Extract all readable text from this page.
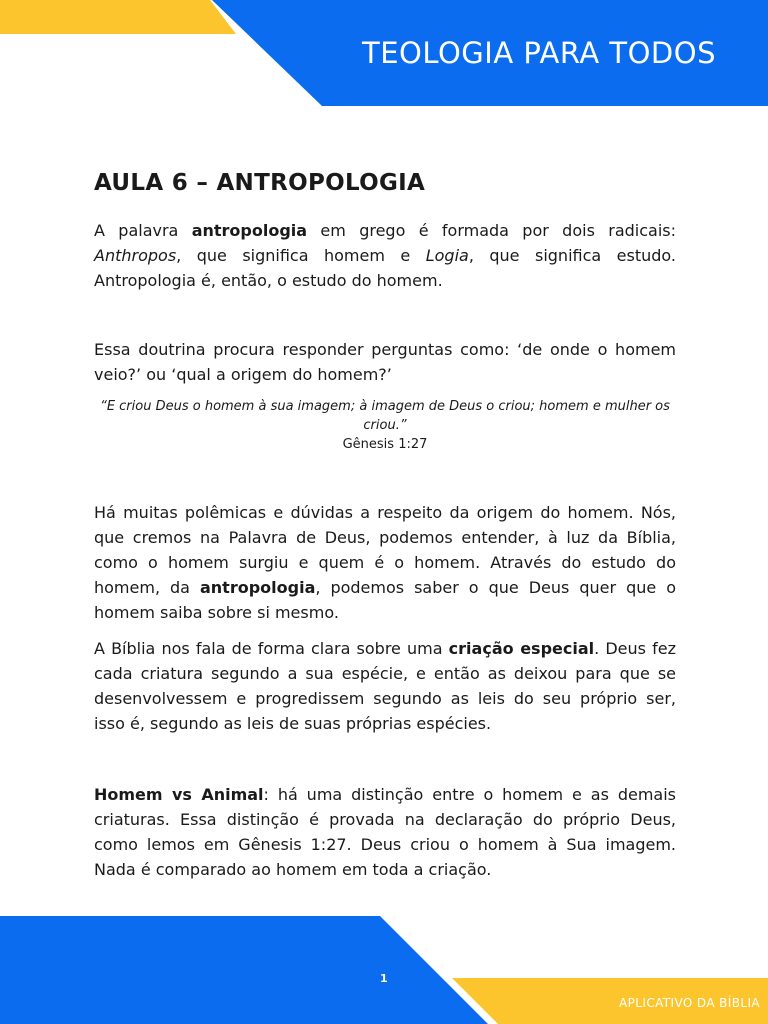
TEOLOGIA PARA TODOS
AULA 6 – ANTROPOLOGIA

A palavra antropologia em grego é formada por dois radicais: Anthropos, que significa homem e Logia, que significa estudo. Antropologia é, então, o estudo do homem.

Essa doutrina procura responder perguntas como: ‘de onde o homem veio?’ ou ‘qual a origem do homem?’

“E criou Deus o homem à sua imagem; à imagem de Deus o criou; homem e mulher os criou.”
Gênesis 1:27

Há muitas polêmicas e dúvidas a respeito da origem do homem. Nós, que cremos na Palavra de Deus, podemos entender, à luz da Bíblia, como o homem surgiu e quem é o homem. Através do estudo do homem, da antropologia, podemos saber o que Deus quer que o homem saiba sobre si mesmo.

A Bíblia nos fala de forma clara sobre uma criação especial. Deus fez cada criatura segundo a sua espécie, e então as deixou para que se desenvolvessem e progredissem segundo as leis do seu próprio ser, isso é, segundo as leis de suas próprias espécies.

Homem vs Animal: há uma distinção entre o homem e as demais criaturas. Essa distinção é provada na declaração do próprio Deus, como lemos em Gênesis 1:27. Deus criou o homem à Sua imagem. Nada é comparado ao homem em toda a criação.

1
APLICATIVO DA BÍBLIA
